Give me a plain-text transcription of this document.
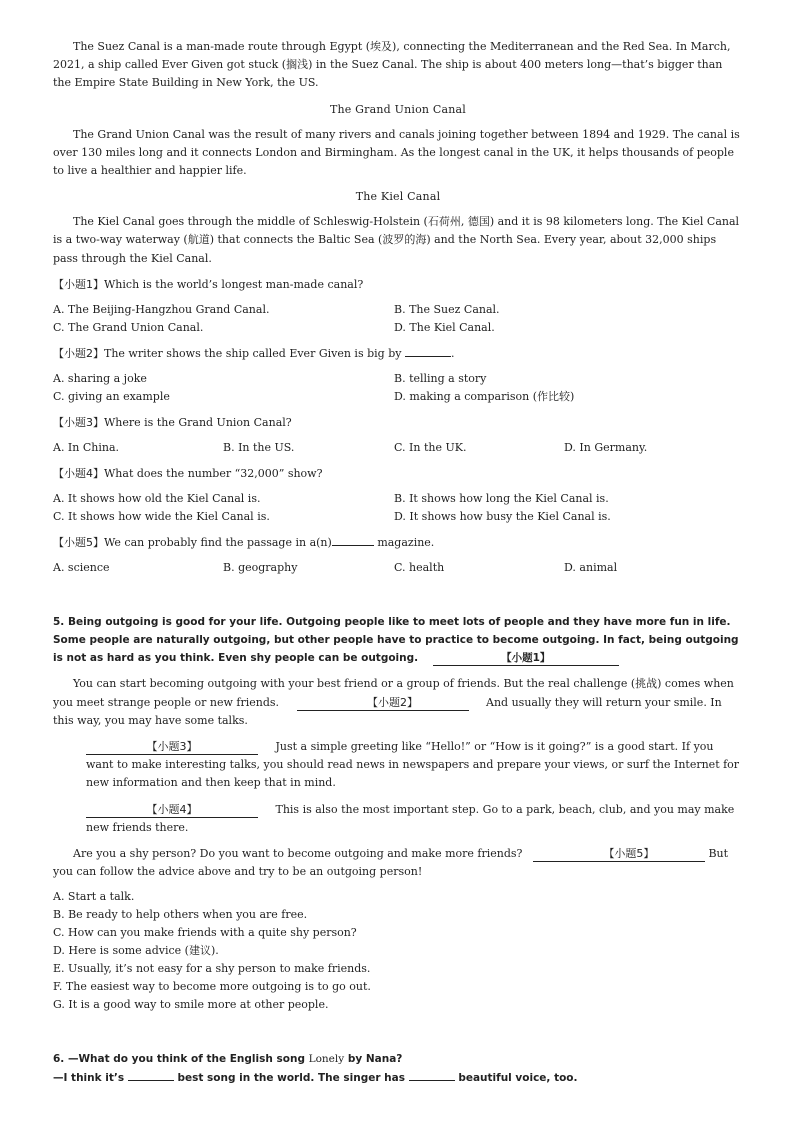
The Suez Canal is a man-made route through Egypt (埃及), connecting the Mediterranean and the Red Sea. In March, 2021, a ship called Ever Given got stuck (搁浅) in the Suez Canal. The ship is about 400 meters long—that’s bigger than the Empire State Building in New York, the US.

The Grand Union Canal

The Grand Union Canal was the result of many rivers and canals joining together between 1894 and 1929. The canal is over 130 miles long and it connects London and Birmingham. As the longest canal in the UK, it helps thousands of people to live a healthier and happier life.

The Kiel Canal

The Kiel Canal goes through the middle of Schleswig-Holstein (石荷州, 德国) and it is 98 kilometers long. The Kiel Canal is a two-way waterway (航道) that connects the Baltic Sea (波罗的海) and the North Sea. Every year, about 32,000 ships pass through the Kiel Canal.

【小题1】Which is the world’s longest man-made canal?

A. The Beijing-Hangzhou Grand Canal.	B. The Suez Canal.
C. The Grand Union Canal.	D. The Kiel Canal.

【小题2】The writer shows the ship called Ever Given is big by	.

A. sharing a joke	B. telling a story
C. giving an example	D. making a comparison (作比较)

【小题3】Where is the Grand Union Canal?

A. In China.	B. In the US.	C. In the UK.	D. In Germany.

【小题4】What does the number “32,000” show?

A. It shows how old the Kiel Canal is.	B. It shows how long the Kiel Canal is.
C. It shows how wide the Kiel Canal is.	D. It shows how busy the Kiel Canal is.

【小题5】We can probably find the passage in a(n)	magazine.

A. science	B. geography	C. health	D. animal

5. Being outgoing is good for your life. Outgoing people like to meet lots of people and they have more fun in life. Some people are naturally outgoing, but other people have to practice to become outgoing. In fact, being outgoing is not as hard as you think. Even shy people can be outgoing.	【小题1】

You can start becoming outgoing with your best friend or a group of friends. But the real challenge (挑战) comes when you meet strange people or new friends.	【小题2】	And usually they will return your smile. In this way, you may have some talks.

【小题3】	Just a simple greeting like “Hello!” or “How is it going?” is a good start. If you want to make interesting talks, you should read news in newspapers and prepare your views, or surf the Internet for new information and then keep that in mind.

【小题4】	This is also the most important step. Go to a park, beach, club, and you may make new friends there.

Are you a shy person? Do you want to become outgoing and make more friends?	【小题5】	But you can follow the advice above and try to be an outgoing person!

A. Start a talk.

B. Be ready to help others when you are free.

C. How can you make friends with a quite shy person?

D. Here is some advice (建议).

E. Usually, it’s not easy for a shy person to make friends.

F. The easiest way to become more outgoing is to go out.

G. It is a good way to smile more at other people.

6. —What do you think of the English song Lonely by Nana?

—I think it’s	best song in the world. The singer has	beautiful voice, too.
